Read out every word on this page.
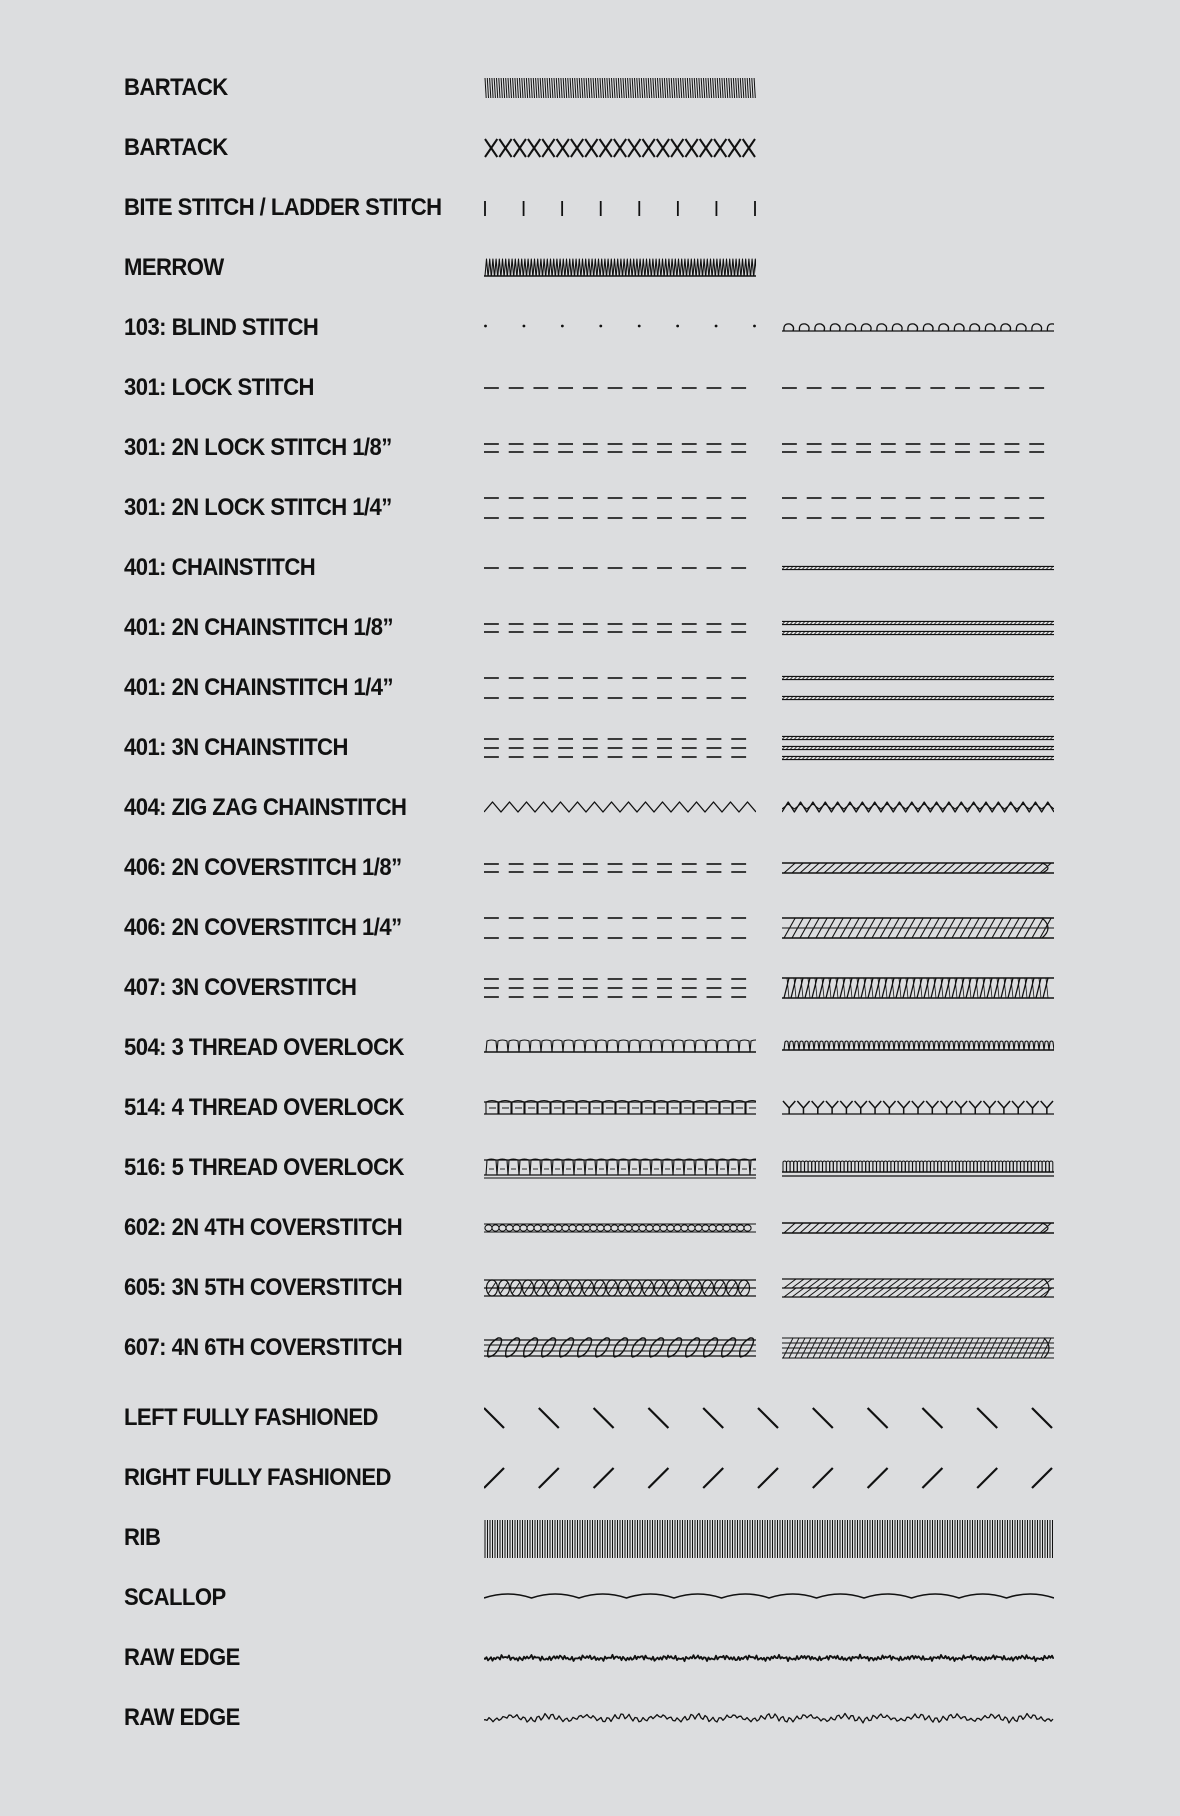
BARTACK
BARTACK
BITE STITCH / LADDER STITCH
MERROW
103: BLIND STITCH
301: LOCK STITCH
301: 2N LOCK STITCH 1/8”
301: 2N LOCK STITCH 1/4”
401: CHAINSTITCH
401: 2N CHAINSTITCH 1/8”
401: 2N CHAINSTITCH 1/4”
401: 3N CHAINSTITCH
404: ZIG ZAG CHAINSTITCH
406: 2N COVERSTITCH 1/8”
406: 2N COVERSTITCH 1/4”
407: 3N COVERSTITCH
504: 3 THREAD OVERLOCK
514: 4 THREAD OVERLOCK
516: 5 THREAD OVERLOCK
602: 2N 4TH COVERSTITCH
605: 3N 5TH COVERSTITCH
607: 4N 6TH COVERSTITCH
LEFT FULLY FASHIONED
RIGHT FULLY FASHIONED
RIB
SCALLOP
RAW EDGE
RAW EDGE
